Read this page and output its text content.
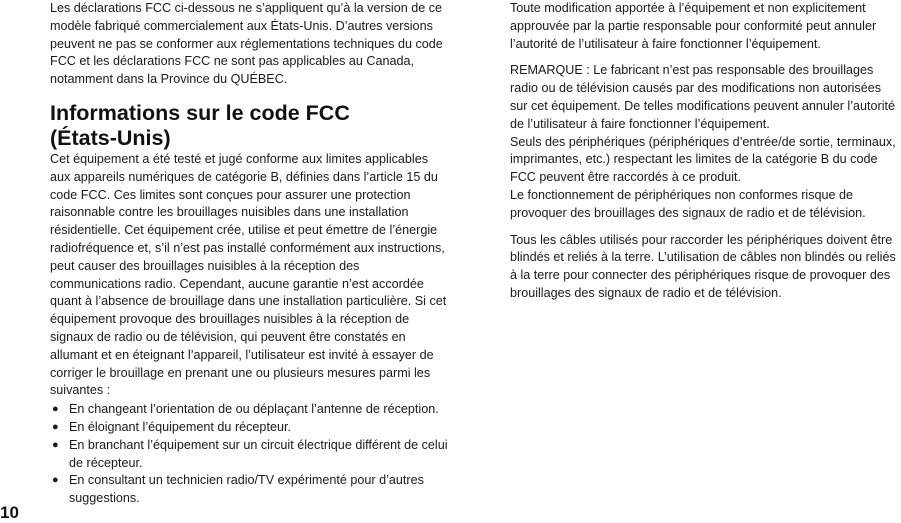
Les déclarations FCC ci-dessous ne s’appliquent qu’à la version de ce modèle fabriqué commercialement aux États-Unis. D’autres versions peuvent ne pas se conformer aux réglementations techniques du code FCC et les déclarations FCC ne sont pas applicables au Canada, notamment dans la Province du QUÉBEC.

Informations sur le code FCC
(États-Unis)

Cet équipement a été testé et jugé conforme aux limites applicables aux appareils numériques de catégorie B, définies dans l’article 15 du code FCC. Ces limites sont conçues pour assurer une protection raisonnable contre les brouillages nuisibles dans une installation résidentielle. Cet équipement crée, utilise et peut émettre de l’énergie radiofréquence et, s’il n’est pas installé conformément aux instructions, peut causer des brouillages nuisibles à la réception des communications radio. Cependant, aucune garantie n’est accordée quant à l’absence de brouillage dans une installation particulière. Si cet équipement provoque des brouillages nuisibles à la réception de signaux de radio ou de télévision, qui peuvent être constatés en allumant et en éteignant l’appareil, l’utilisateur est invité à essayer de corriger le brouillage en prenant une ou plusieurs mesures parmi les suivantes :

● En changeant l’orientation de ou déplaçant l’antenne de réception.
● En éloignant l’équipement du récepteur.
● En branchant l’équipement sur un circuit électrique différent de celui de récepteur.
● En consultant un technicien radio/TV expérimenté pour d’autres suggestions.

Toute modification apportée à l’équipement et non explicitement approuvée par la partie responsable pour conformité peut annuler l’autorité de l’utilisateur à faire fonctionner l’équipement.

REMARQUE : Le fabricant n’est pas responsable des brouillages radio ou de télévision causés par des modifications non autorisées sur cet équipement. De telles modifications peuvent annuler l’autorité de l’utilisateur à faire fonctionner l’équipement.

Seuls des périphériques (périphériques d’entrée/de sortie, terminaux, imprimantes, etc.) respectant les limites de la catégorie B du code FCC peuvent être raccordés à ce produit.

Le fonctionnement de périphériques non conformes risque de provoquer des brouillages des signaux de radio et de télévision.

Tous les câbles utilisés pour raccorder les périphériques doivent être blindés et reliés à la terre. L’utilisation de câbles non blindés ou reliés à la terre pour connecter des périphériques risque de provoquer des brouillages des signaux de radio et de télévision.

10
